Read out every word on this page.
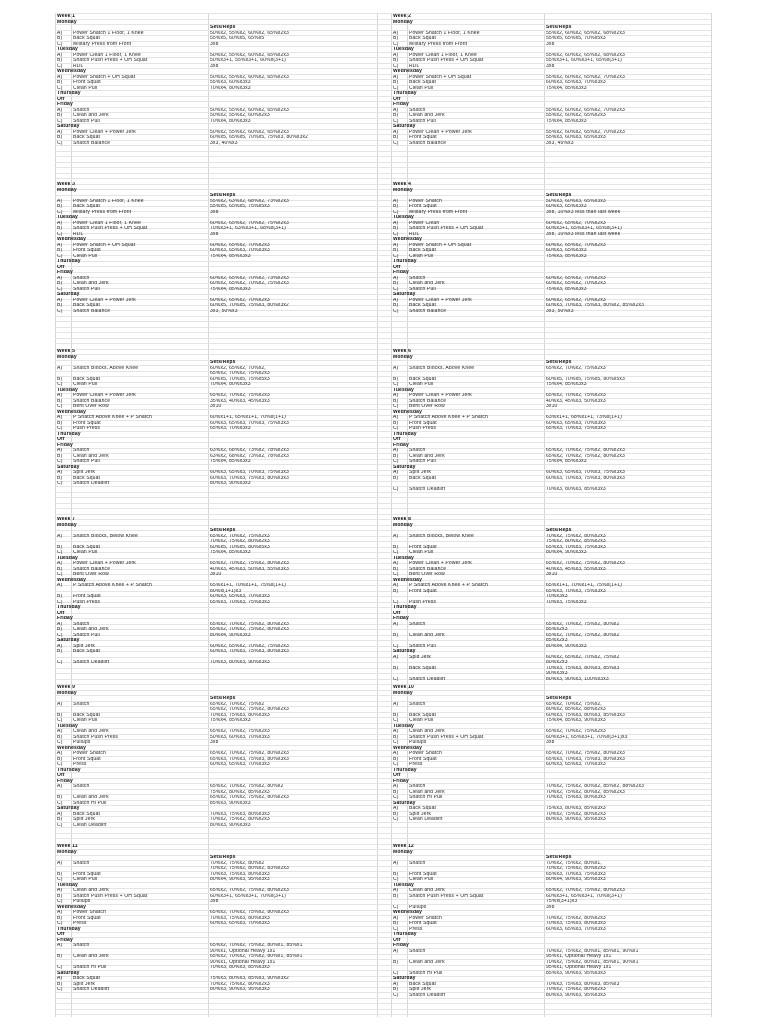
Week 1
Monday
Sets/Reps
A)	Power Snatch 1 Floor, 1 Knee	50%x2, 55%x2, 60%x2, 65%x2x3
B)	Back Squat	55%x5, 60%x5, 65%x5
C)	Military Press from Front	3x8
Tuesday
A)	Power Clean 1 Floor, 1 Knee	50%x2, 55%x2, 60%x2, 65%x2x3
B)	Snatch Push Press + OH Squat	50%x3+1, 55%x3+1, 60%x(3+1)
C)	RDL	3x8
Wednesday
A)	Power Snatch + OH Squat	50%x2, 55%x2, 60%x2, 65%x2x3
B)	Front Squat	55%x3, 60%x3x3
C)	Clean Pull	70%x4, 80%x3x3
Thursday
Off
Friday
A)	Snatch	50%x2, 55%x2, 60%x2, 65%x2x3
B)	Clean and Jerk	50%x2, 55%x2, 60%x2x3
C)	Snatch Pull	70%x4, 80%x3x3
Saturday
A)	Power Clean + Power Jerk	50%x2, 55%x2, 60%x2, 65%x2x3
B)	Back Squat	60%x5, 65%x5, 70%x5, 75%x3, 80%x3x2
C)	Snatch Balance	3x3, 40%x3
Week 2
Monday
Sets/Reps
A)	Power Snatch 1 Floor, 1 Knee	55%x2, 60%x2, 65%x2, 68%x2x3
B)	Back Squat	55%x5, 65%x5, 70%x5x3
C)	Military Press from Front	3x8
Tuesday
A)	Power Clean 1 Floor, 1 Knee	55%x2, 60%x2, 65%x2, 68%x2x3
B)	Snatch Push Press + OH Squat	55%x3+1, 60%x3+1, 65%x(3+1)
C)	RDL	3x8
Wednesday
A)	Power Snatch + OH Squat	55%x2, 60%x2, 65%x2, 70%x2x3
B)	Back Squat	60%x3, 65%x3, 70%x3x3
C)	Clean Pull	75%x4, 85%x3x3
Thursday
Off
Friday
A)	Snatch	55%x2, 60%x2, 65%x2, 70%x2x3
B)	Clean and Jerk	55%x2, 60%x2, 65%x2x3
C)	Snatch Pull	75%x4, 85%x3x3
Saturday
A)	Power Clean + Power Jerk	55%x2, 60%x2, 65%x2, 70%x2x3
B)	Front Squat	55%x3, 60%x3, 65%x3x3
C)	Snatch Balance	3x3, 45%x3
Week 3
Monday
Sets/Reps
A)	Power Snatch 1 Floor, 1 Knee	55%x2, 63%x2, 68%x2, 73%x2x3
B)	Back Squat	55%x5, 65%x5, 75%x5x3
C)	Military Press from Front	3x8
Tuesday
A)	Power Clean 1 Floor, 1 Knee	60%x2, 65%x2, 70%x2, 75%x2x3
B)	Snatch Push Press + OH Squat	70%x3+1, 63%x3+1, 68%x(3+1)
C)	RDL	3x8
Wednesday
A)	Power Snatch + OH Squat	60%x2, 65%x2, 70%x2x3
B)	Front Squat	60%x3, 65%x3, 70%x3x3
C)	Clean Pull	75%x4, 85%x3x3
Thursday
Off
Friday
A)	Snatch	60%x2, 65%x2, 70%x2, 73%x2x3
B)	Clean and Jerk	60%x2, 65%x2, 70%x2, 75%x2x3
C)	Snatch Pull	75%x4, 85%x3x3
Saturday
A)	Power Clean + Power Jerk	60%x2, 65%x2, 70%x2x3
B)	Back Squat	60%x5, 70%x5, 75%x3, 80%x3x2
C)	Snatch Balance	3x3, 50%x3
Week 4
Monday
Sets/Reps
A)	Power Snatch	50%x3, 60%x3, 65%x3x3
B)	Front Squat	60%x3, 65%x3x3
C)	Military Press from Front	3x8, 10%x3 less than last week
Tuesday
A)	Power Clean	60%x2, 65%x2, 70%x2x3
B)	Snatch Push Press + OH Squat	60%x3+1, 65%x3+1, 65%x(3+1)
C)	RDL	3x8, 10%x3 less than last week
Wednesday
A)	Power Snatch + OH Squat	60%x2, 65%x2, 70%x2x3
B)	Back Squat	60%x3, 65%x3x3
C)	Clean Pull	75%x3, 85%x3x3
Thursday
Off
Friday
A)	Snatch	60%x2, 65%x2, 70%x2x3
B)	Clean and Jerk	60%x2, 65%x2, 70%x2x3
C)	Snatch Pull	75%x3, 85%x3x3
Saturday
A)	Power Clean + Power Jerk	60%x2, 65%x2, 70%x2x3
B)	Back Squat	60%x3, 70%x3, 75%x3, 80%x2, 85%x2x3
C)	Snatch Balance	3x3, 50%x3
Week 5
Monday
Sets/Reps
A)	Snatch Blocks, Above Knee	60%x2, 65%x2, 70%x2,
65%x2, 70%x2, 75%x2x3
B)	Back Squat	60%x5, 70%x5, 75%x5x3
C)	Clean Pull	70%x4, 80%x3x3
Tuesday
A)	Power Clean + Power Jerk	65%x2, 70%x2, 75%x2x3
B)	Snatch Balance	35%x3, 40%x3, 45%x3x3
C)	Bent Over Row	3x10
Wednesday
A)	P Snatch Above Knee + P Snatch	60%x1+1, 65%x1+1, 70%x(1+1)
B)	Front Squat	60%x3, 65%x3, 70%x3, 75%x3x3
C)	Push Press	65%x3, 70%x3x3
Thursday
Off
Friday
A)	Snatch	63%x2, 68%x2, 73%x2, 78%x2x3
B)	Clean and Jerk	63%x2, 68%x2, 73%x2, 78%x2x3
C)	Snatch Pull	75%x4, 85%x3x3
Saturday
A)	Split Jerk	60%x3, 65%x3, 70%x3, 75%x3x3
B)	Back Squat	60%x3, 70%x3, 75%x3, 80%x3x3
C)	Snatch Deadlift	80%x3, 90%x3x3
Week 6
Monday
Sets/Reps
A)	Snatch Blocks, Above Knee	65%x2, 70%x2, 75%x2x3
B)	Back Squat	60%x5, 70%x5, 75%x5, 80%x5x3
C)	Clean Pull	75%x4, 85%x3x3
Tuesday
A)	Power Clean + Power Jerk	65%x2, 70%x2, 75%x2x3
B)	Snatch Balance	40%x3, 45%x3, 50%x3x3
C)	Bent Over Row	3x10
Wednesday
A)	P Snatch Above Knee + P Snatch	63%x1+1, 68%x1+1, 73%x(1+1)
B)	Front Squat	60%x3, 65%x3, 70%x3x3
C)	Push Press	65%x3, 70%x3, 75%x3x3
Thursday
Off
Friday
A)	Snatch	65%x2, 70%x2, 75%x2, 80%x2x3
B)	Clean and Jerk	65%x2, 70%x2, 75%x2, 80%x2x3
C)	Snatch Pull	75%x4, 85%x3x3
Saturday
A)	Split Jerk	60%x3, 65%x3, 70%x3, 75%x3x3
B)	Back Squat	60%x3, 70%x3, 75%x3, 80%x3x3
C)	Snatch Deadlift	70%x3, 80%x3, 85%x3x3
Week 7
Monday
Sets/Reps
A)	Snatch Blocks, Below Knee	65%x2, 70%x2, 75%x2x3
70%x2, 75%x2, 80%x2x3
B)	Back Squat	60%x5, 70%x5, 80%x5x3
C)	Clean Pull	75%x4, 85%x3x3
Tuesday
A)	Power Clean + Power Jerk	65%x2, 70%x2, 75%x2, 80%x2x3
B)	Snatch Balance	40%x3, 45%x3, 50%x3, 55%x3x3
C)	Bent Over Row	3x10
Wednesday
A)	P Snatch Above Knee + P Snatch	65%x1+1, 70%x1+1, 75%x(1+1)
80%x(1+1)x3
B)	Front Squat	60%x3, 65%x3, 70%x3x3
C)	Push Press	65%x3, 70%x3, 75%x3x3
Thursday
Off
Friday
A)	Snatch	65%x2, 70%x2, 75%x2, 80%x2x3
B)	Clean and Jerk	65%x2, 70%x2, 75%x2, 80%x2x3
C)	Snatch Pull	80%x4, 90%x3x3
Saturday
A)	Split Jerk	60%x2, 65%x2, 70%x2, 75%x2x3
B)	Back Squat	60%x3, 70%x3, 75%x3, 80%x3x3
C)	Snatch Deadlift	70%x3, 80%x3, 90%x3x3
Week 8
Monday
Sets/Reps
A)	Snatch Blocks, Below Knee	70%x2, 75%x2, 80%x2x3
75%x2, 80%x2, 85%x2x3
B)	Front Squat	65%x3, 70%x3, 75%x3x3
C)	Clean Pull	80%x4, 90%x3x3
Tuesday
A)	Power Clean + Power Jerk	65%x2, 70%x2, 75%x2, 80%x2x3
B)	Snatch Balance	40%x3, 45%x3, 55%x3x3
C)	Bent Over Row	3x10
Wednesday
A)	P Snatch Above Knee + P Snatch	65%x1+1, 70%x1+1, 75%x(1+1)
B)	Front Squat	65%x3, 70%x3, 75%x3x3
70%x3x3
C)	Push Press	70%x3, 75%x3x3
Thursday
Off
Friday
A)	Snatch	65%x2, 70%x2, 75%x2, 80%x2
85%x2x3
B)	Clean and Jerk	65%x2, 70%x2, 75%x2, 80%x2
85%x2x3
C)	Snatch Pull	80%x4, 90%x3x3
Saturday
A)	Split Jerk	60%x2, 65%x2, 70%x2, 75%x2
80%x2x3
B)	Back Squat	70%x3, 75%x3, 80%x3, 85%x3
90%x3x3
C)	Snatch Deadlift	80%x3, 90%x3, 100%x3x3
Week 9
Monday
Sets/Reps
A)	Snatch	65%x2, 70%x2, 75%x2
65%x2, 70%x2, 75%x2, 80%x2x3
B)	Back Squat	70%x3, 75%x3, 80%x3x3
C)	Clean Pull	75%x4, 85%x3x3
Tuesday
A)	Clean and Jerk	65%x2, 70%x2, 75%x2x3
B)	Snatch Push Press	50%x3, 60%x3, 70%x3x3
C)	Pullups	3x8
Wednesday
A)	Power Snatch	65%x2, 70%x2, 75%x2, 80%x2x3
B)	Front Squat	65%x3, 70%x3, 75%x3, 80%x3x3
C)	Press	60%x3, 65%x3, 70%x3x3
Thursday
Off
Friday
A)	Snatch	65%x2, 70%x2, 75%x2, 80%x2
75%x2, 80%x2, 85%x2x3
B)	Clean and Jerk	65%x2, 70%x2, 75%x2, 80%x2x3
C)	Snatch Hi Pull	85%x3, 90%x3x3
Saturday
A)	Back Squat	70%x3, 75%x3, 80%x3x3
B)	Split Jerk	70%x2, 75%x2, 80%x2x3
C)	Clean Deadlift	80%x3, 90%x3x3
Week 10
Monday
Sets/Reps
A)	Snatch	65%x2, 70%x2, 75%x2,
80%x2, 85%x2, 88%x2x3
B)	Back Squat	60%x3, 75%x3, 80%x3, 85%x3x3
C)	Clean Pull	75%x4, 85%x3, 90%x3x3
Tuesday
A)	Clean and Jerk	65%x2, 70%x2, 75%x2x3
B)	Snatch Push Press + OH Squat	60%x3+1, 65%x3+1, 70%x(3+1)x3
C)	Pullups	3x8
Wednesday
A)	Power Snatch	65%x2, 70%x2, 75%x2, 80%x2x3
B)	Front Squat	65%x3, 70%x3, 75%x3, 80%x3x3
C)	Press	60%x3, 65%x3, 70%x3x3
Thursday
Off
Friday
A)	Snatch	70%x2, 75%x2, 80%x2, 85%x2, 88%x2x3
B)	Clean and Jerk	70%x2, 75%x2, 80%x2, 85%x2x3
C)	Snatch Hi Pull	70%x3, 75%x3, 80%x3x3
Saturday
A)	Back Squat	75%x3, 80%x3, 85%x3x3
B)	Split Jerk	70%x2, 75%x2, 80%x2x3
C)	Clean Deadlift	80%x3, 90%x3, 95%x3x3
Week 11
Monday
Sets/Reps
A)	Snatch	70%x2, 75%x2, 80%x2
70%x2, 75%x2, 80%x2, 83%x2x3
B)	Front Squat	70%x3, 75%x3, 80%x3x3
C)	Clean Pull	80%x4, 90%x3, 95%x3x3
Tuesday
A)	Clean and Jerk	65%x2, 70%x2, 75%x2, 80%x2x3
B)	Snatch Push Press + OH Squat	60%x3+1, 65%x3+1, 70%x(3+1)
C)	Pullups	3x8
Wednesday
A)	Power Snatch	65%x2, 70%x2, 75%x2, 80%x2x3
B)	Front Squat	70%x3, 75%x3, 80%x3x3
C)	Press	60%x3, 65%x3, 70%x3x3
Thursday
Off
Friday
A)	Snatch	65%x2, 70%x2, 75%x2, 80%x1, 85%x1
90%x1, Optional Heavy 1x1
B)	Clean and Jerk	65%x2, 70%x2, 75%x2, 80%x1, 85%x1
90%x1, Optional Heavy 1x1
C)	Snatch Hi Pull	70%x3, 80%x3, 85%x3x3
Saturday
A)	Back Squat	75%x3, 80%x3, 85%x3, 90%x3x2
B)	Split Jerk	70%x2, 75%x2, 80%x2x3
C)	Snatch Deadlift	80%x3, 90%x3, 95%x3x3
Week 12
Monday
Sets/Reps
A)	Snatch	70%x2, 75%x2, 80%x1,
70%x2, 75%x2, 80%x2x3
B)	Front Squat	65%x3, 70%x3, 75%x3x3
C)	Clean Pull	80%x4, 90%x3, 95%x3x3
Tuesday
A)	Clean and Jerk	65%x2, 70%x2, 75%x2, 80%x2x3
B)	Snatch Push Press + OH Squat	60%x3+1, 65%x3+1, 70%x(3+1)
75%x(3+1)x3
C)	Pullups	3x8
Wednesday
A)	Power Snatch	70%x2, 75%x2, 80%x2x3
B)	Front Squat	70%x3, 75%x3, 80%x3x3
C)	Press	60%x3, 65%x3, 70%x3x3
Thursday
Off
Friday
A)	Snatch	70%x2, 75%x2, 80%x1, 85%x1, 90%x1
95%x1, Optional Heavy 1x1
B)	Clean and Jerk	70%x2, 75%x2, 80%x1, 85%x1, 90%x1
95%x1, Optional Heavy 1x1
C)	Snatch Hi Pull	85%x3, 90%x3, 95%x3x3
Saturday
A)	Back Squat	70%x3, 75%x3, 80%x3, 85%x3
B)	Split Jerk	70%x2, 75%x2, 80%x2x3
C)	Snatch Deadlift	80%x3, 90%x3, 95%x3x3
